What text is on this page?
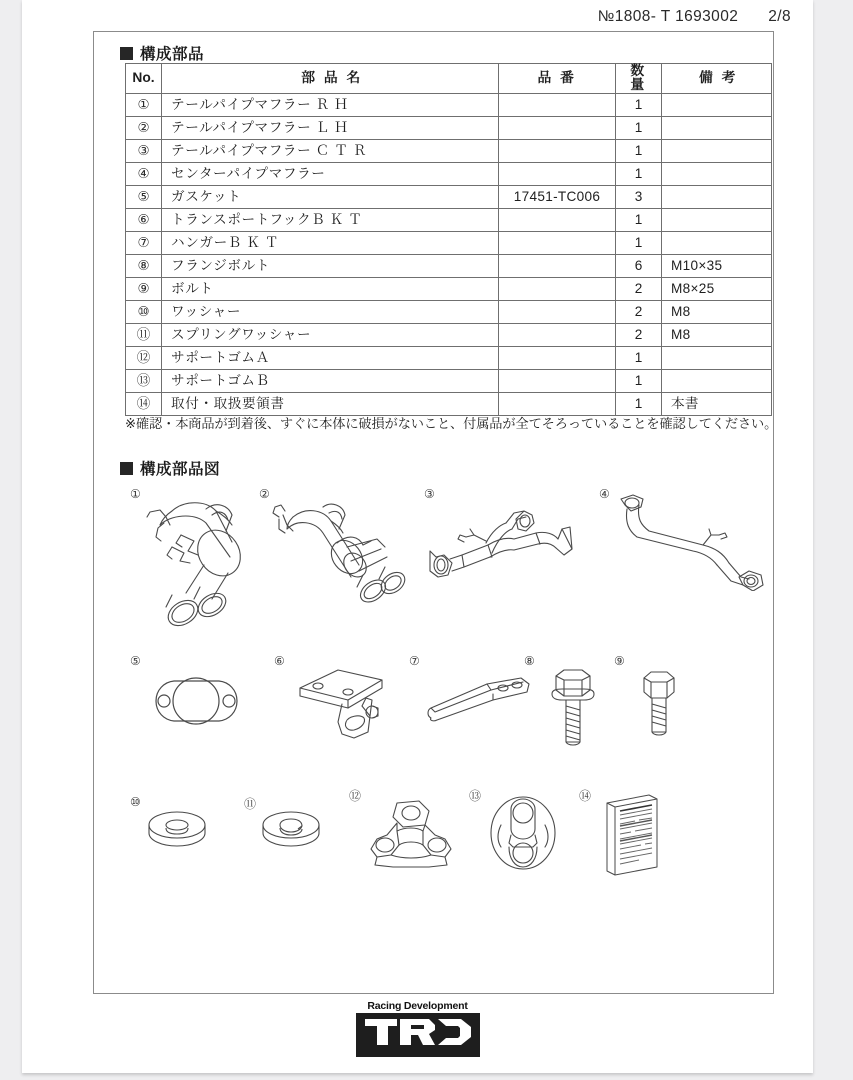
№1808- T 1693002 2/8
構成部品
No.	部 品 名	品 番	数 量	備 考
①	テールパイプマフラー Ｒ Ｈ		1	
②	テールパイプマフラー Ｌ Ｈ		1	
③	テールパイプマフラー Ｃ Ｔ Ｒ		1	
④	センターパイプマフラー		1	
⑤	ガスケット	17451-TC006	3	
⑥	トランスポートフックＢ Ｋ Ｔ		1	
⑦	ハンガーＢ Ｋ Ｔ		1	
⑧	フランジボルト		6	M10×35
⑨	ボルト		2	M8×25
⑩	ワッシャー		2	M8
⑪	スプリングワッシャー		2	M8
⑫	サポートゴムＡ		1	
⑬	サポートゴムＢ		1	
⑭	取付・取扱要領書		1	本書
※確認・本商品が到着後、すぐに本体に破損がないこと、付属品が全てそろっていることを確認してください。
構成部品図
①	②	③	④
⑤	⑥	⑦	⑧	⑨
⑩	⑪
⑫	⑬	⑭
Racing Development
